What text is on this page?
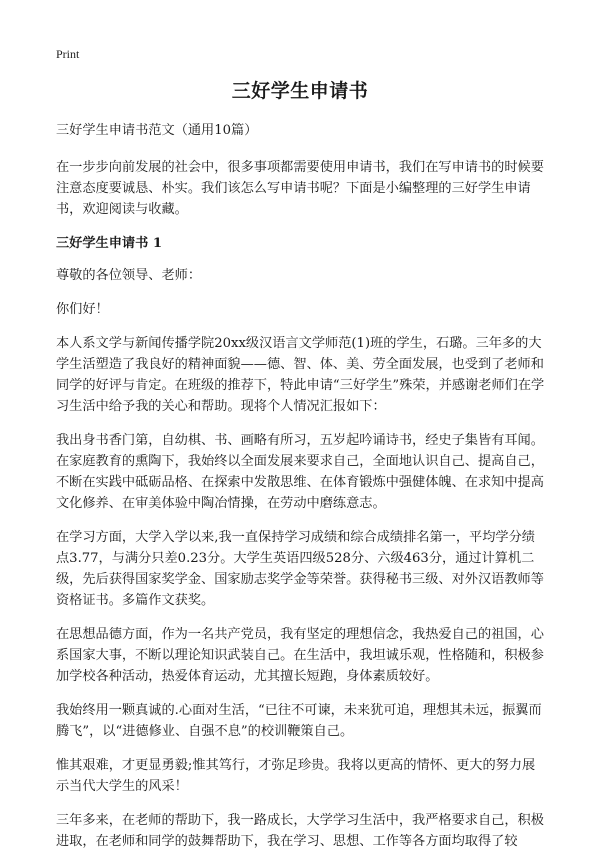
Print
三好学生申请书

三好学生申请书范文（通用10篇）

在一步步向前发展的社会中，很多事项都需要使用申请书，我们在写申请书的时候要注意态度要诚恳、朴实。我们该怎么写申请书呢？下面是小编整理的三好学生申请书，欢迎阅读与收藏。

三好学生申请书 1

尊敬的各位领导、老师：

你们好！

本人系文学与新闻传播学院20xx级汉语言文学师范(1)班的学生，石璐。三年多的大学生活塑造了我良好的精神面貌——德、智、体、美、劳全面发展，也受到了老师和同学的好评与肯定。在班级的推荐下，特此申请“三好学生”殊荣，并感谢老师们在学习生活中给予我的关心和帮助。现将个人情况汇报如下：

我出身书香门第，自幼棋、书、画略有所习，五岁起吟诵诗书，经史子集皆有耳闻。在家庭教育的熏陶下，我始终以全面发展来要求自己，全面地认识自己、提高自己，不断在实践中砥砺品格、在探索中发散思维、在体育锻炼中强健体魄、在求知中提高文化修养、在审美体验中陶冶情操，在劳动中磨练意志。

在学习方面，大学入学以来,我一直保持学习成绩和综合成绩排名第一，平均学分绩点3.77，与满分只差0.23分。大学生英语四级528分、六级463分，通过计算机二级，先后获得国家奖学金、国家励志奖学金等荣誉。获得秘书三级、对外汉语教师等资格证书。多篇作文获奖。

在思想品德方面，作为一名共产党员，我有坚定的理想信念，我热爱自己的祖国，心系国家大事，不断以理论知识武装自己。在生活中，我坦诚乐观，性格随和，积极参加学校各种活动，热爱体育运动，尤其擅长短跑，身体素质较好。

我始终用一颗真诚的.心面对生活，“已往不可谏，未来犹可追，理想其未远，振翼而腾飞”，以“进德修业、自强不息”的校训鞭策自己。

惟其艰难，才更显勇毅;惟其笃行，才弥足珍贵。我将以更高的情怀、更大的努力展示当代大学生的风采！

三年多来，在老师的帮助下，我一路成长，大学学习生活中，我严格要求自己，积极进取，在老师和同学的鼓舞帮助下，我在学习、思想、工作等各方面均取得了较
